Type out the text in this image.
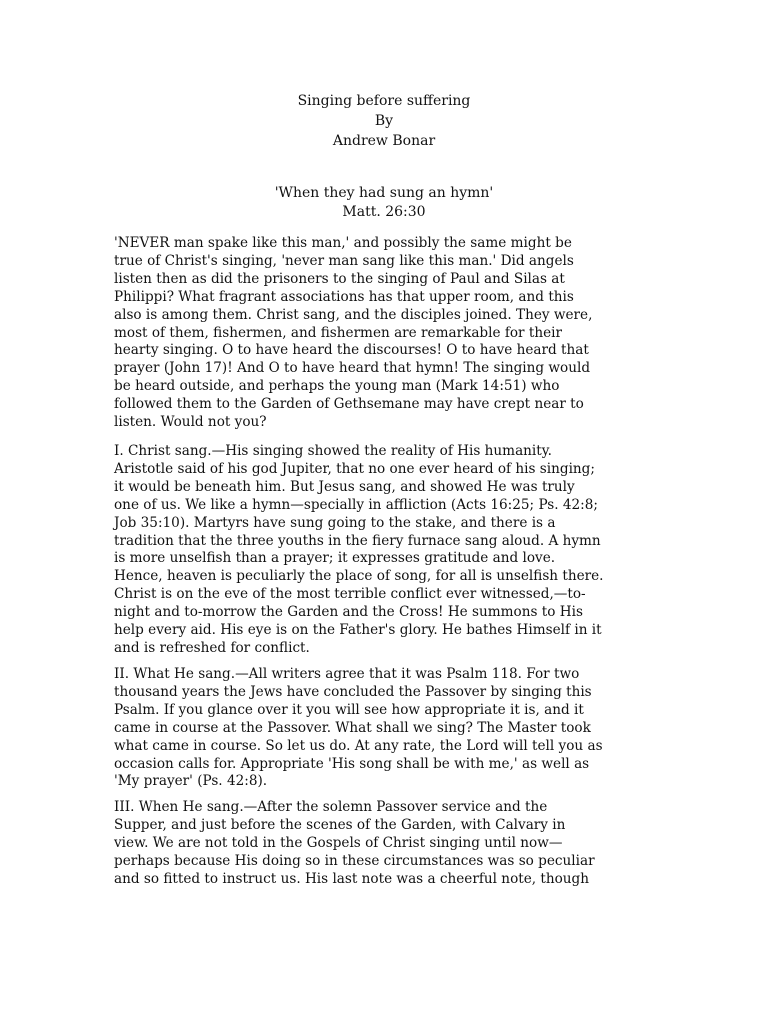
Singing before suffering
By
Andrew Bonar
'When they had sung an hymn'
Matt. 26:30
'NEVER man spake like this man,' and possibly the same might be
true of Christ's singing, 'never man sang like this man.' Did angels
listen then as did the prisoners to the singing of Paul and Silas at
Philippi? What fragrant associations has that upper room, and this
also is among them. Christ sang, and the disciples joined. They were,
most of them, fishermen, and fishermen are remarkable for their
hearty singing. O to have heard the discourses! O to have heard that
prayer (John 17)! And O to have heard that hymn! The singing would
be heard outside, and perhaps the young man (Mark 14:51) who
followed them to the Garden of Gethsemane may have crept near to
listen. Would not you?
I. Christ sang.—His singing showed the reality of His humanity.
Aristotle said of his god Jupiter, that no one ever heard of his singing;
it would be beneath him. But Jesus sang, and showed He was truly
one of us. We like a hymn—specially in affliction (Acts 16:25; Ps. 42:8;
Job 35:10). Martyrs have sung going to the stake, and there is a
tradition that the three youths in the fiery furnace sang aloud. A hymn
is more unselfish than a prayer; it expresses gratitude and love.
Hence, heaven is peculiarly the place of song, for all is unselfish there.
Christ is on the eve of the most terrible conflict ever witnessed,—to-
night and to-morrow the Garden and the Cross! He summons to His
help every aid. His eye is on the Father's glory. He bathes Himself in it
and is refreshed for conflict.
II. What He sang.—All writers agree that it was Psalm 118. For two
thousand years the Jews have concluded the Passover by singing this
Psalm. If you glance over it you will see how appropriate it is, and it
came in course at the Passover. What shall we sing? The Master took
what came in course. So let us do. At any rate, the Lord will tell you as
occasion calls for. Appropriate 'His song shall be with me,' as well as
'My prayer' (Ps. 42:8).
III. When He sang.—After the solemn Passover service and the
Supper, and just before the scenes of the Garden, with Calvary in
view. We are not told in the Gospels of Christ singing until now—
perhaps because His doing so in these circumstances was so peculiar
and so fitted to instruct us. His last note was a cheerful note, though
